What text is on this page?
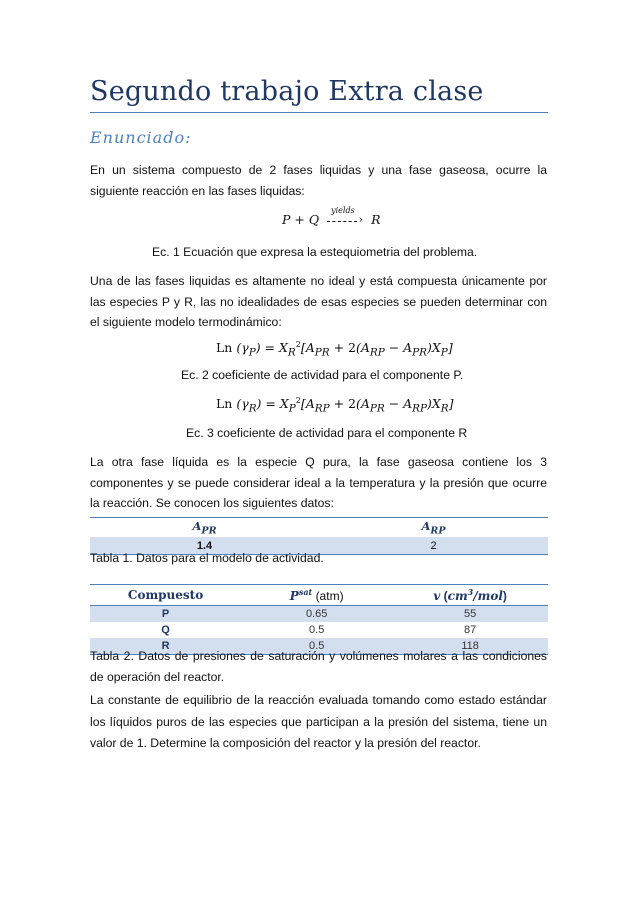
Segundo trabajo Extra clase
Enunciado:
En un sistema compuesto de 2 fases liquidas y una fase gaseosa, ocurre la siguiente reacción en las fases liquidas:
P + Q
yields
› R
Ec. 1 Ecuación que expresa la estequiometria del problema.
Una de las fases liquidas es altamente no ideal y está compuesta únicamente por las especies P y R, las no idealidades de esas especies se pueden determinar con el siguiente modelo termodinámico:
Ln $(\gamma_P) = X_R^2[A_{PR} + 2(A_{RP} - A_{PR})X_P]$
Ec. 2 coeficiente de actividad para el componente P.
Ln $(\gamma_R) = X_P^2[A_{RP} + 2(A_{PR} - A_{RP})X_R]$
Ec. 3 coeficiente de actividad para el componente R
La otra fase líquida es la especie Q pura, la fase gaseosa contiene los 3 componentes y se puede considerar ideal a la temperatura y la presión que ocurre la reacción. Se conocen los siguientes datos:
$A_{PR}$	$A_{RP}$
1.4	2
Tabla 1. Datos para el modelo de actividad.
Compuesto	$P^{sat}$ (atm)	v $(cm^3/mol)$
P	0.65	55
Q	0.5	87
R	0.5	118
Tabla 2. Datos de presiones de saturación y volúmenes molares a las condiciones de operación del reactor.
La constante de equilibrio de la reacción evaluada tomando como estado estándar los líquidos puros de las especies que participan a la presión del sistema, tiene un valor de 1. Determine la composición del reactor y la presión del reactor.
